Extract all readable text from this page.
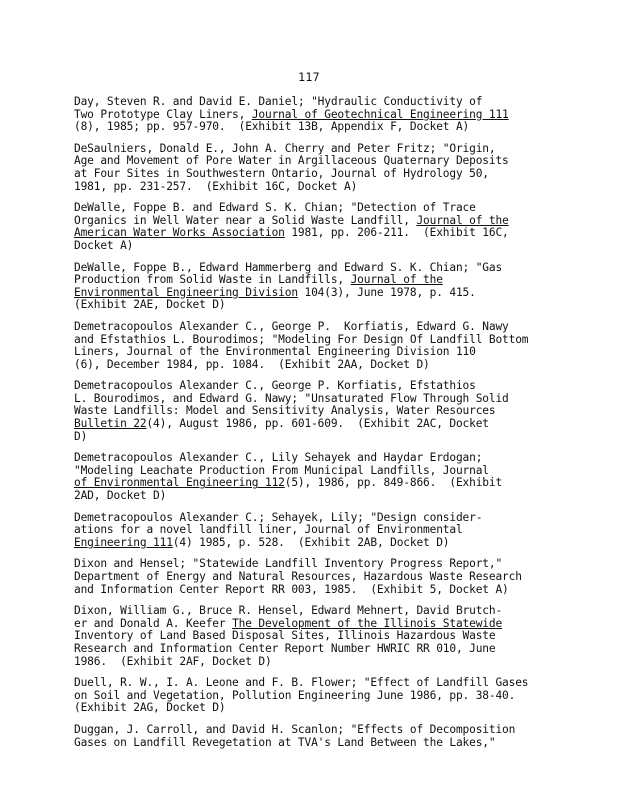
117
Day, Steven R. and David E. Daniel; "Hydraulic Conductivity of
Two Prototype Clay Liners, Journal of Geotechnical Engineering 111
(8), 1985; pp. 957-970.  (Exhibit 13B, Appendix F, Docket A)
DeSaulniers, Donald E., John A. Cherry and Peter Fritz; "Origin,
Age and Movement of Pore Water in Argillaceous Quaternary Deposits
at Four Sites in Southwestern Ontario, Journal of Hydrology 50,
1981, pp. 231-257.  (Exhibit 16C, Docket A)
DeWalle, Foppe B. and Edward S. K. Chian; "Detection of Trace
Organics in Well Water near a Solid Waste Landfill, Journal of the
American Water Works Association 1981, pp. 206-211.  (Exhibit 16C,
Docket A)
DeWalle, Foppe B., Edward Hammerberg and Edward S. K. Chian; "Gas
Production from Solid Waste in Landfills, Journal of the
Environmental Engineering Division 104(3), June 1978, p. 415.
(Exhibit 2AE, Docket D)
Demetracopoulos Alexander C., George P.  Korfiatis, Edward G. Nawy
and Efstathios L. Bourodimos; "Modeling For Design Of Landfill Bottom
Liners, Journal of the Environmental Engineering Division 110
(6), December 1984, pp. 1084.  (Exhibit 2AA, Docket D)
Demetracopoulos Alexander C., George P. Korfiatis, Efstathios
L. Bourodimos, and Edward G. Nawy; "Unsaturated Flow Through Solid
Waste Landfills: Model and Sensitivity Analysis, Water Resources
Bulletin 22(4), August 1986, pp. 601-609.  (Exhibit 2AC, Docket
D)
Demetracopoulos Alexander C., Lily Sehayek and Haydar Erdogan;
"Modeling Leachate Production From Municipal Landfills, Journal
of Environmental Engineering 112(5), 1986, pp. 849-866.  (Exhibit
2AD, Docket D)
Demetracopoulos Alexander C.; Sehayek, Lily; "Design consider-
ations for a novel landfill liner, Journal of Environmental
Engineering 111(4) 1985, p. 528.  (Exhibit 2AB, Docket D)
Dixon and Hensel; "Statewide Landfill Inventory Progress Report,"
Department of Energy and Natural Resources, Hazardous Waste Research
and Information Center Report RR 003, 1985.  (Exhibit 5, Docket A)
Dixon, William G., Bruce R. Hensel, Edward Mehnert, David Brutch-
er and Donald A. Keefer The Development of the Illinois Statewide
Inventory of Land Based Disposal Sites, Illinois Hazardous Waste
Research and Information Center Report Number HWRIC RR 010, June
1986.  (Exhibit 2AF, Docket D)
Duell, R. W., I. A. Leone and F. B. Flower; "Effect of Landfill Gases
on Soil and Vegetation, Pollution Engineering June 1986, pp. 38-40.
(Exhibit 2AG, Docket D)
Duggan, J. Carroll, and David H. Scanlon; "Effects of Decomposition
Gases on Landfill Revegetation at TVA's Land Between the Lakes,"
